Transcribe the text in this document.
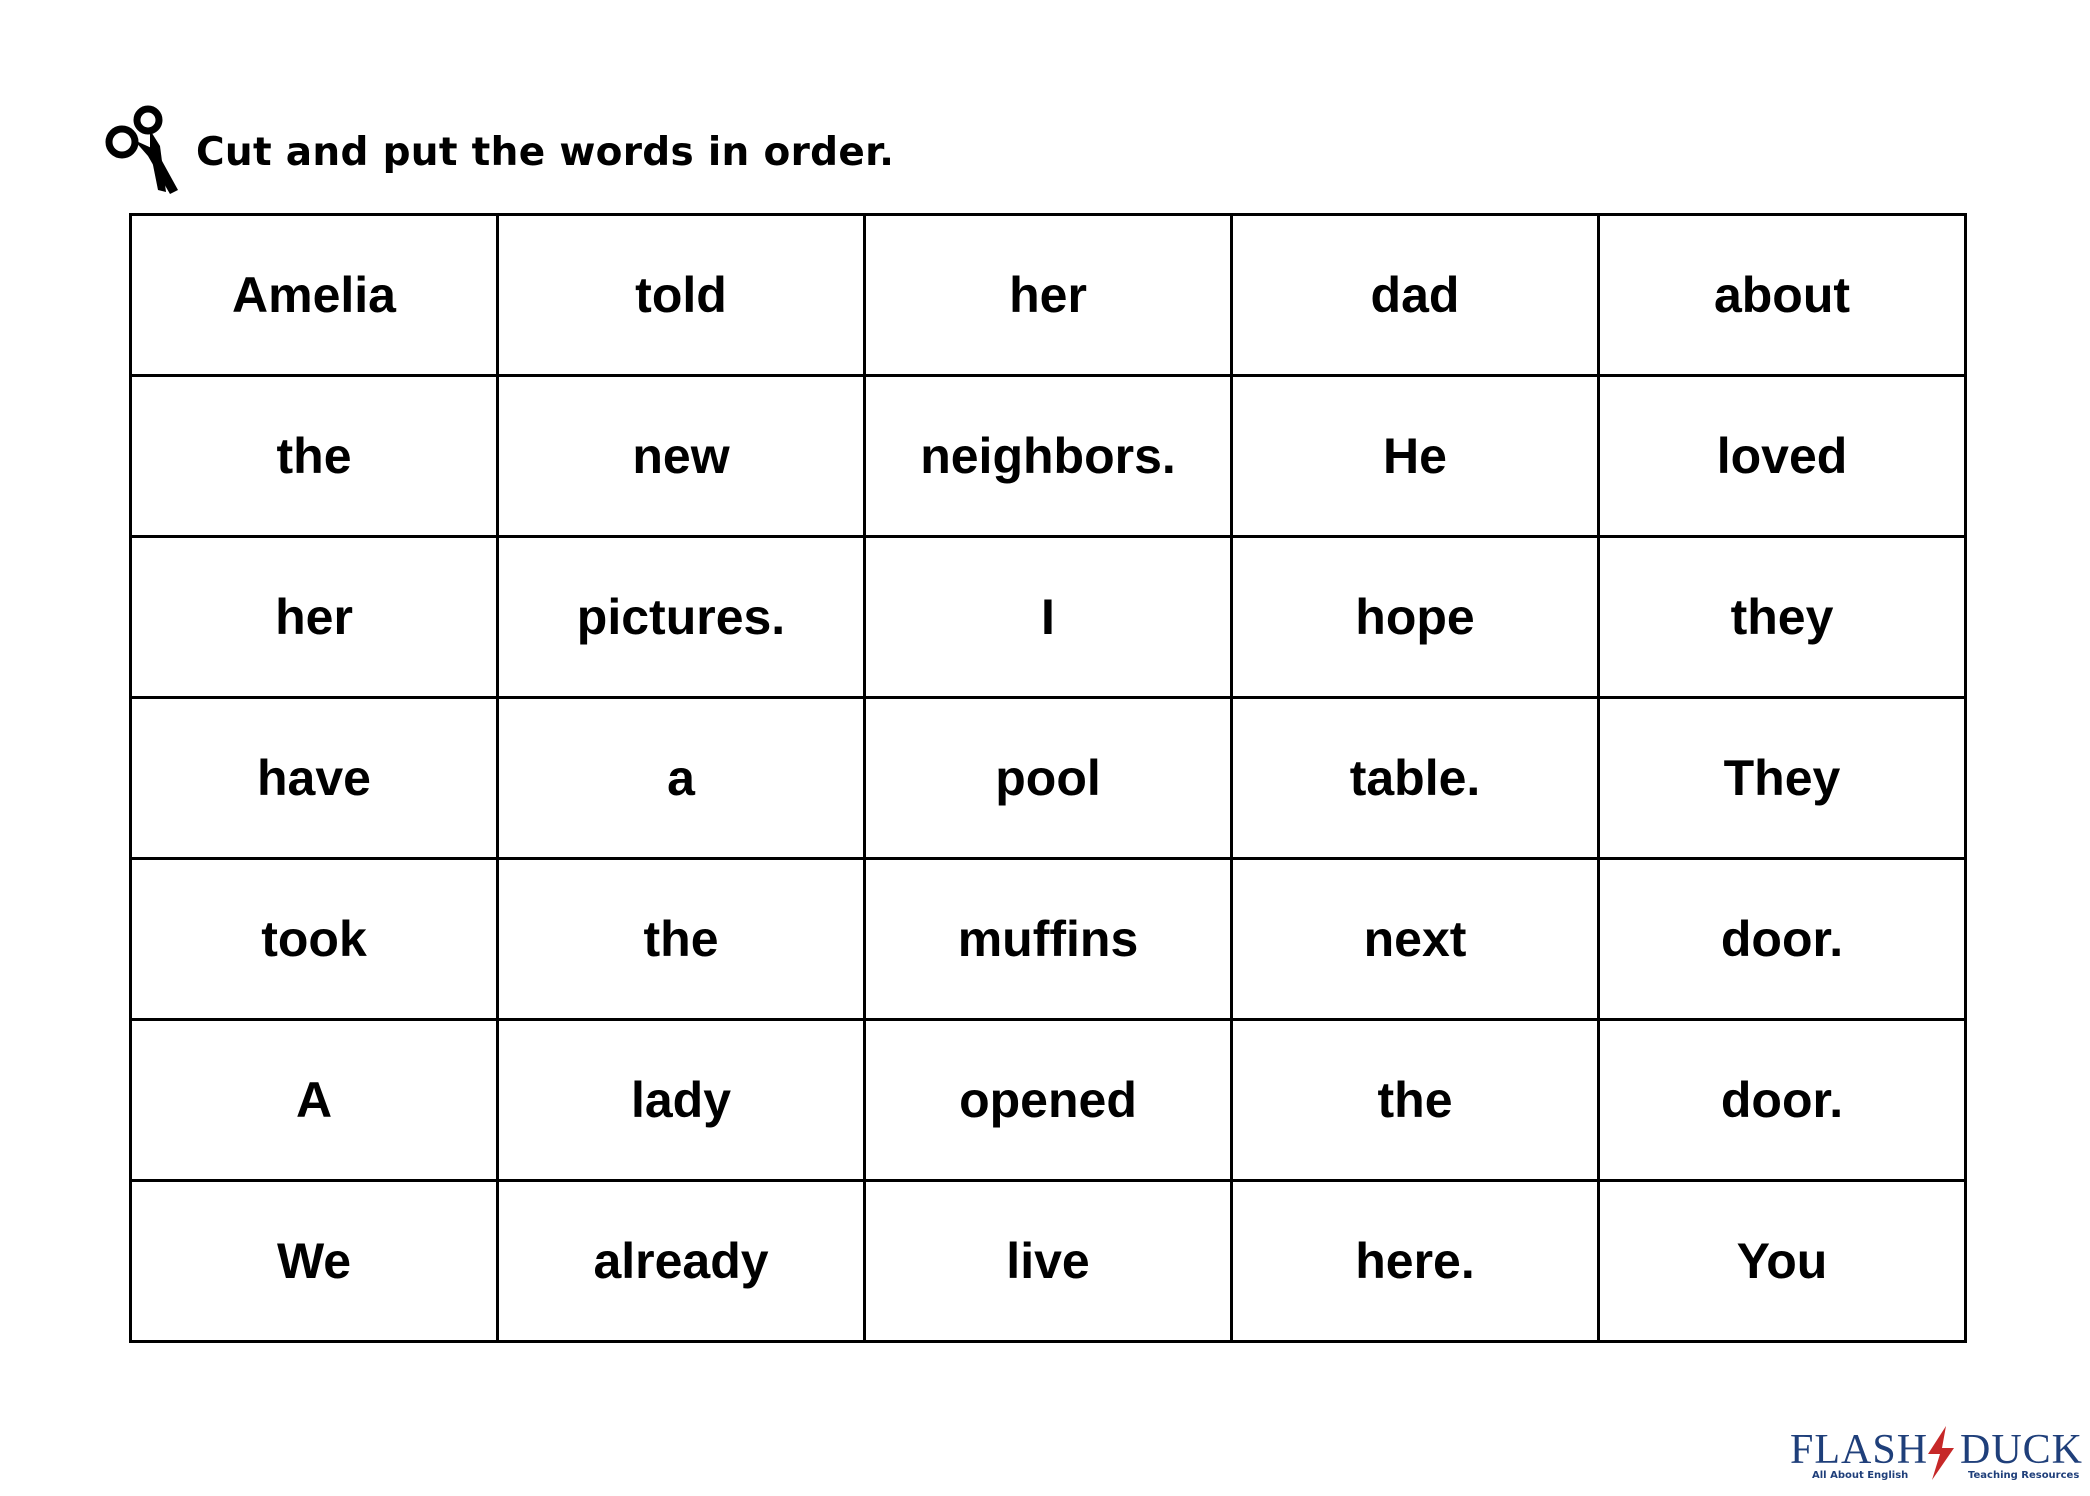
Cut and put the words in order.
Amelia	told	her	dad	about
the	new	neighbors.	He	loved
her	pictures.	I	hope	they
have	a	pool	table.	They
took	the	muffins	next	door.
A	lady	opened	the	door.
We	already	live	here.	You
FLASH DUCK
All About English	Teaching Resources
